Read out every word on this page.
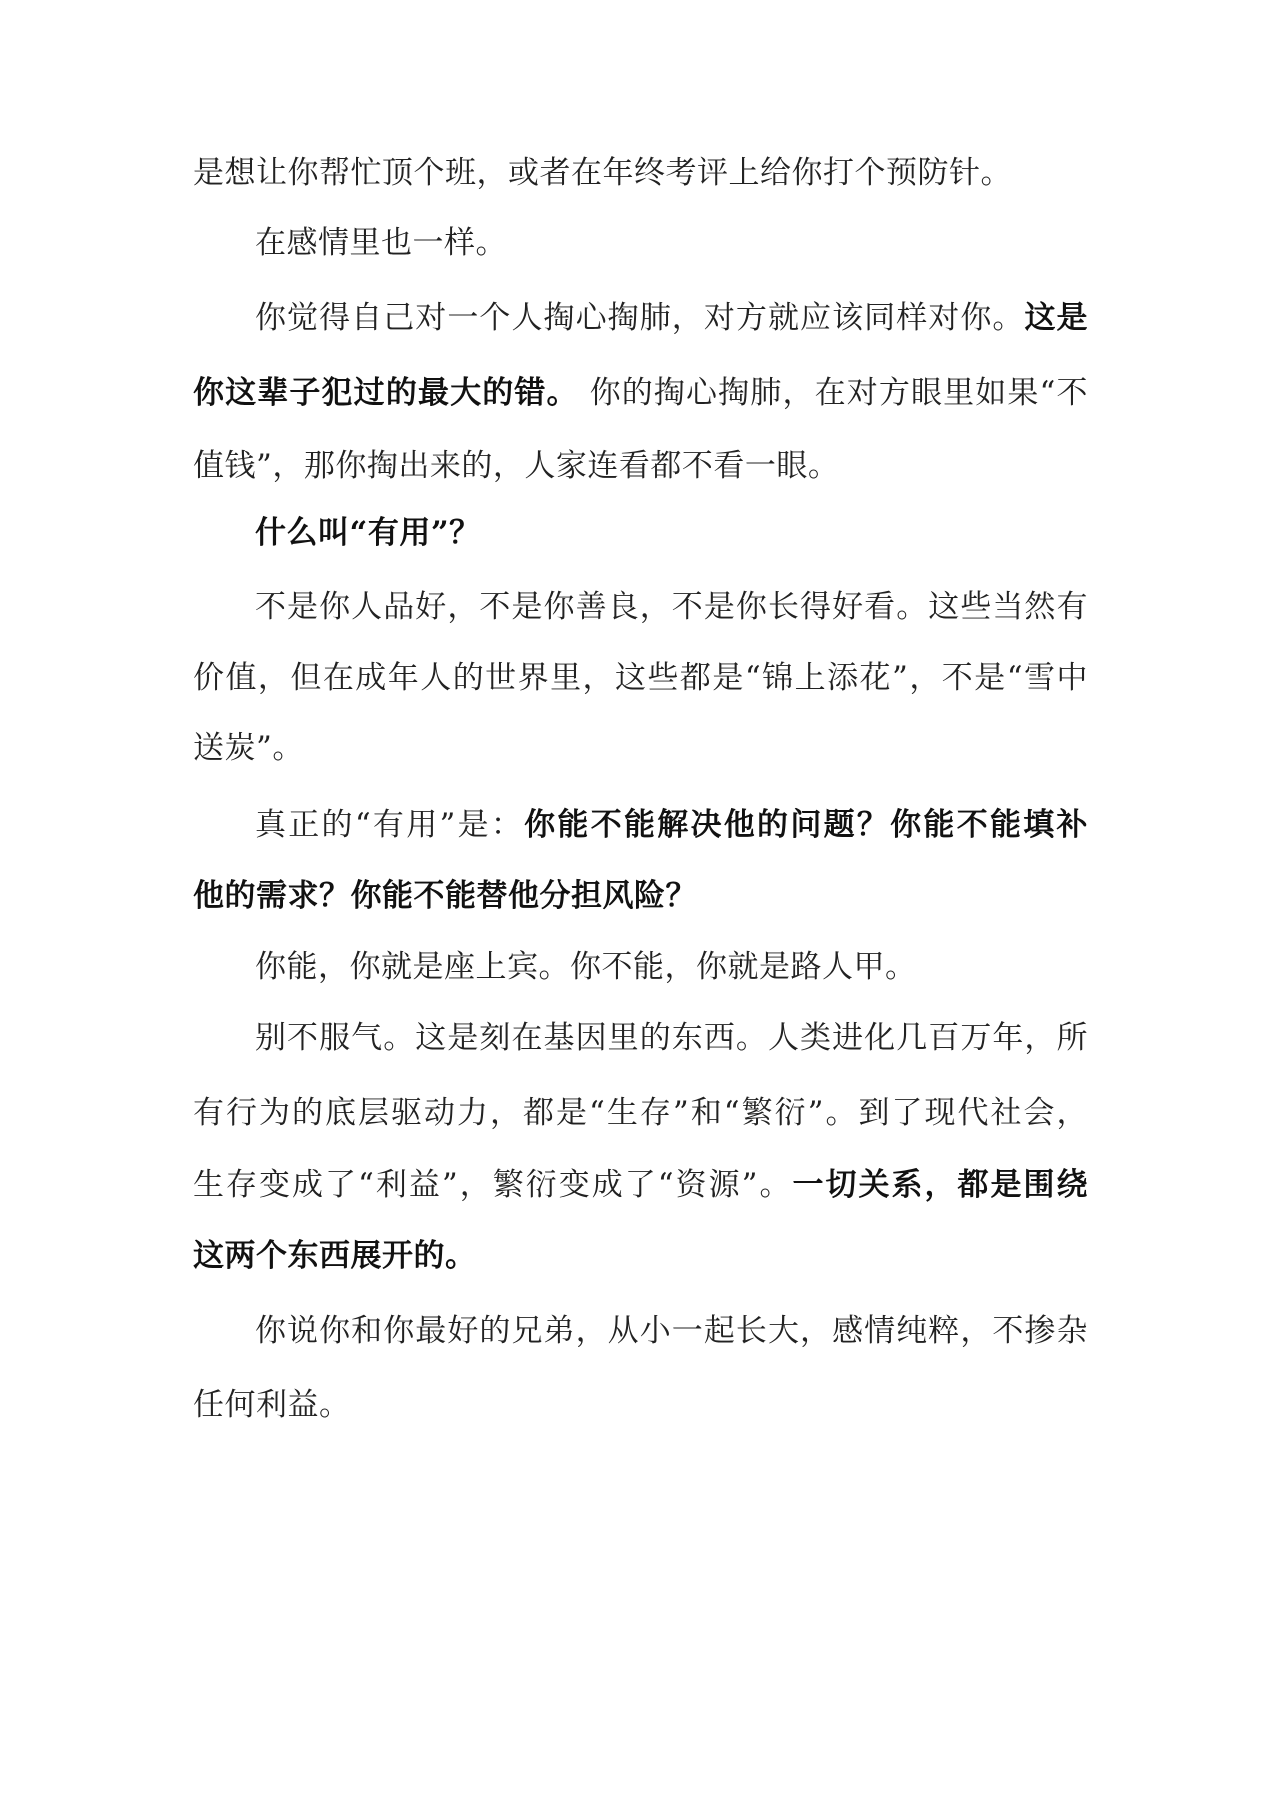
是想让你帮忙顶个班，或者在年终考评上给你打个预防针。
在感情里也一样。
你觉得自己对一个人掏心掏肺，对方就应该同样对你。这是
你这辈子犯过的最大的错。 你的掏心掏肺，在对方眼里如果“不
值钱”，那你掏出来的，人家连看都不看一眼。
什么叫“有用”？
不是你人品好，不是你善良，不是你长得好看。这些当然有
价值，但在成年人的世界里，这些都是“锦上添花”，不是“雪中
送炭”。
真正的“有用”是：你能不能解决他的问题？你能不能填补
他的需求？你能不能替他分担风险？
你能，你就是座上宾。你不能，你就是路人甲。
别不服气。这是刻在基因里的东西。人类进化几百万年，所
有行为的底层驱动力，都是“生存”和“繁衍”。到了现代社会，
生存变成了“利益”，繁衍变成了“资源”。一切关系，都是围绕
这两个东西展开的。
你说你和你最好的兄弟，从小一起长大，感情纯粹，不掺杂
任何利益。
